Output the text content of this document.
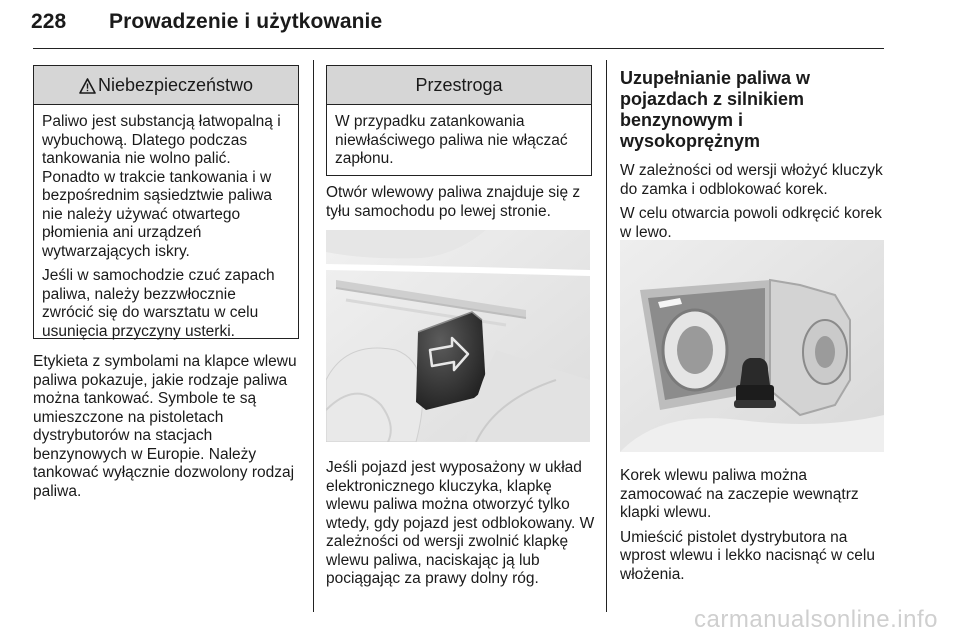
228 Prowadzenie i użytkowanie
Niebezpieczeństwo

Paliwo jest substancją łatwopalną i wybuchową. Dlatego podczas tankowania nie wolno palić. Ponadto w trakcie tankowania i w bezpośrednim sąsiedztwie paliwa nie należy używać otwartego płomienia ani urządzeń wytwarzających iskry.

Jeśli w samochodzie czuć zapach paliwa, należy bezzwłocznie zwrócić się do warsztatu w celu usunięcia przyczyny usterki.

Etykieta z symbolami na klapce wlewu paliwa pokazuje, jakie rodzaje paliwa można tankować. Symbole te są umieszczone na pistoletach dystrybutorów na stacjach benzynowych w Europie. Należy tankować wyłącznie dozwolony rodzaj paliwa.
Przestroga
W przypadku zatankowania niewłaściwego paliwa nie włączać zapłonu.
Otwór wlewowy paliwa znajduje się z tyłu samochodu po lewej stronie.
Jeśli pojazd jest wyposażony w układ elektronicznego kluczyka, klapkę wlewu paliwa można otworzyć tylko wtedy, gdy pojazd jest odblokowany. W zależności od wersji zwolnić klapkę wlewu paliwa, naciskając ją lub pociągając za prawy dolny róg.
Uzupełnianie paliwa w pojazdach z silnikiem benzynowym i wysokoprężnym

W zależności od wersji włożyć kluczyk do zamka i odblokować korek.

W celu otwarcia powoli odkręcić korek w lewo.

Korek wlewu paliwa można zamocować na zaczepie wewnątrz klapki wlewu.

Umieścić pistolet dystrybutora na wprost wlewu i lekko nacisnąć w celu włożenia.

carmanualsonline.info
